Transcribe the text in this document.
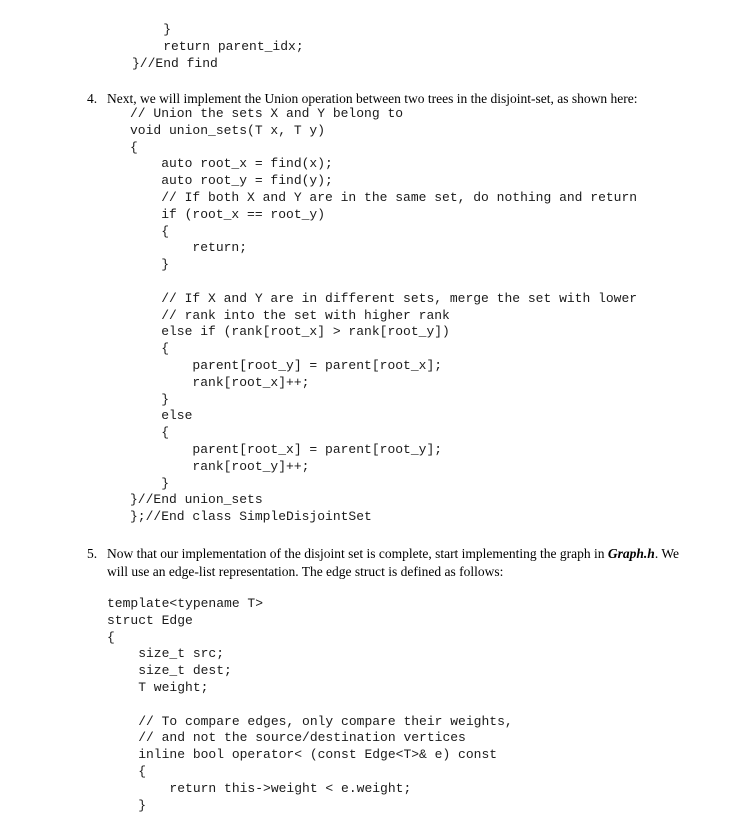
}
return parent_idx;
}//End find

4. Next, we will implement the Union operation between two trees in the disjoint-set, as shown here:
// Union the sets X and Y belong to
void union_sets(T x, T y)
{
auto root_x = find(x);
auto root_y = find(y);
// If both X and Y are in the same set, do nothing and return
if (root_x == root_y)
{
return;
}

// If X and Y are in different sets, merge the set with lower
// rank into the set with higher rank
else if (rank[root_x] > rank[root_y])
{
parent[root_y] = parent[root_x];
rank[root_x]++;
}
else
{
parent[root_x] = parent[root_y];
rank[root_y]++;
}
}//End union_sets
};//End class SimpleDisjointSet

5. Now that our implementation of the disjoint set is complete, start implementing the graph in Graph.h. We will use an edge-list representation. The edge struct is defined as follows:
template<typename T>
struct Edge
{
size_t src;
size_t dest;
T weight;

// To compare edges, only compare their weights,
// and not the source/destination vertices
inline bool operator< (const Edge<T>& e) const
{
return this->weight < e.weight;
}
